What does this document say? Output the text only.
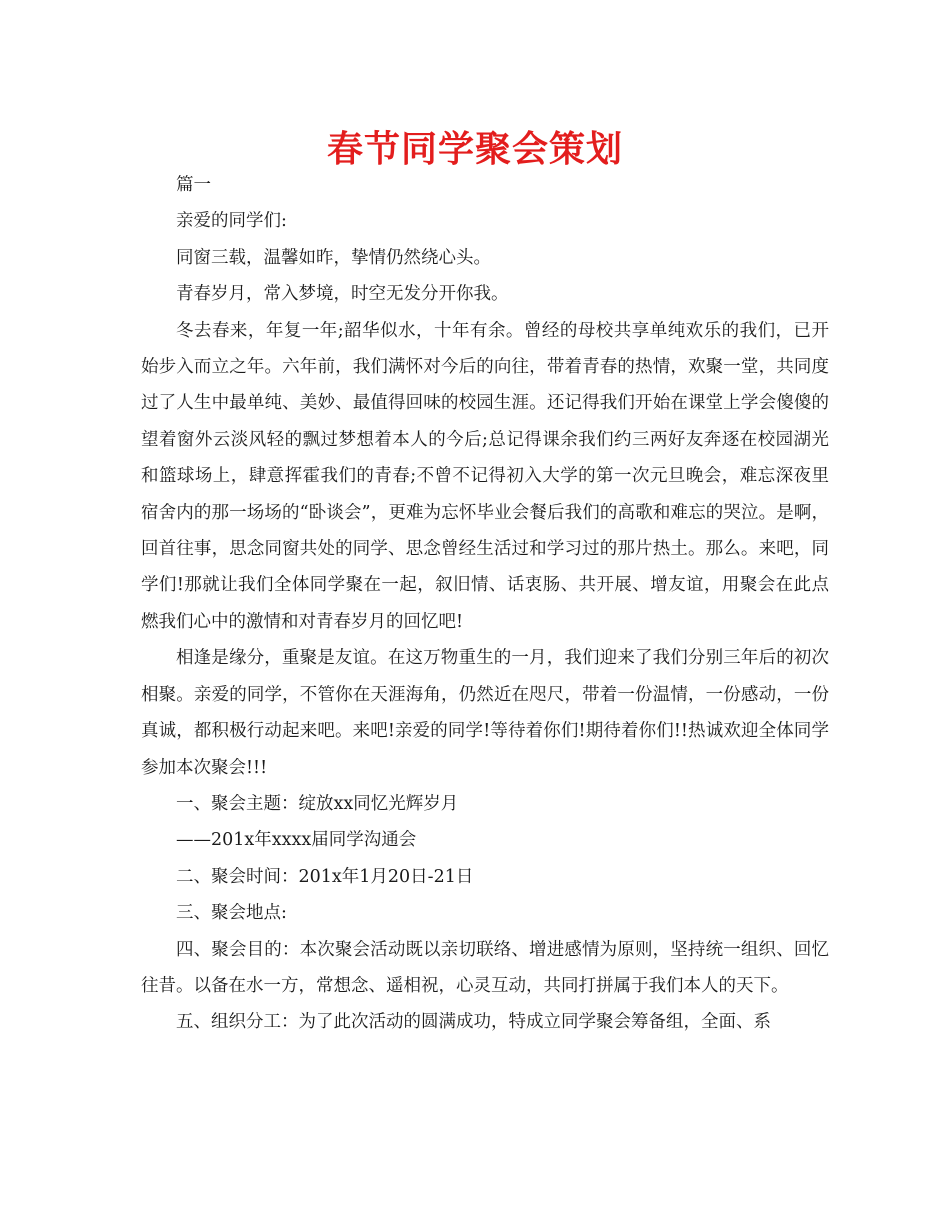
春节同学聚会策划

篇一

亲爱的同学们:

同窗三载，温馨如昨，挚情仍然绕心头。

青春岁月，常入梦境，时空无发分开你我。

冬去春来，年复一年;韶华似水，十年有余。曾经的母校共享单纯欢乐的我们，已开始步入而立之年。六年前，我们满怀对今后的向往，带着青春的热情，欢聚一堂，共同度过了人生中最单纯、美妙、最值得回味的校园生涯。还记得我们开始在课堂上学会傻傻的望着窗外云淡风轻的飘过梦想着本人的今后;总记得课余我们约三两好友奔逐在校园湖光和篮球场上，肆意挥霍我们的青春;不曾不记得初入大学的第一次元旦晚会，难忘深夜里宿舍内的那一场场的“卧谈会”，更难为忘怀毕业会餐后我们的高歌和难忘的哭泣。是啊，回首往事，思念同窗共处的同学、思念曾经生活过和学习过的那片热土。那么。来吧，同学们!那就让我们全体同学聚在一起，叙旧情、话衷肠、共开展、增友谊，用聚会在此点燃我们心中的激情和对青春岁月的回忆吧!

相逢是缘分，重聚是友谊。在这万物重生的一月，我们迎来了我们分别三年后的初次相聚。亲爱的同学，不管你在天涯海角，仍然近在咫尺，带着一份温情，一份感动，一份真诚，都积极行动起来吧。来吧!亲爱的同学!等待着你们!期待着你们!!热诚欢迎全体同学参加本次聚会!!!

一、聚会主题：绽放xx同忆光辉岁月

——201x年xxxx届同学沟通会

二、聚会时间：201x年1月20日-21日

三、聚会地点:

四、聚会目的：本次聚会活动既以亲切联络、增进感情为原则，坚持统一组织、回忆往昔。以备在水一方，常想念、遥相祝，心灵互动，共同打拼属于我们本人的天下。

五、组织分工：为了此次活动的圆满成功，特成立同学聚会筹备组，全面、系
